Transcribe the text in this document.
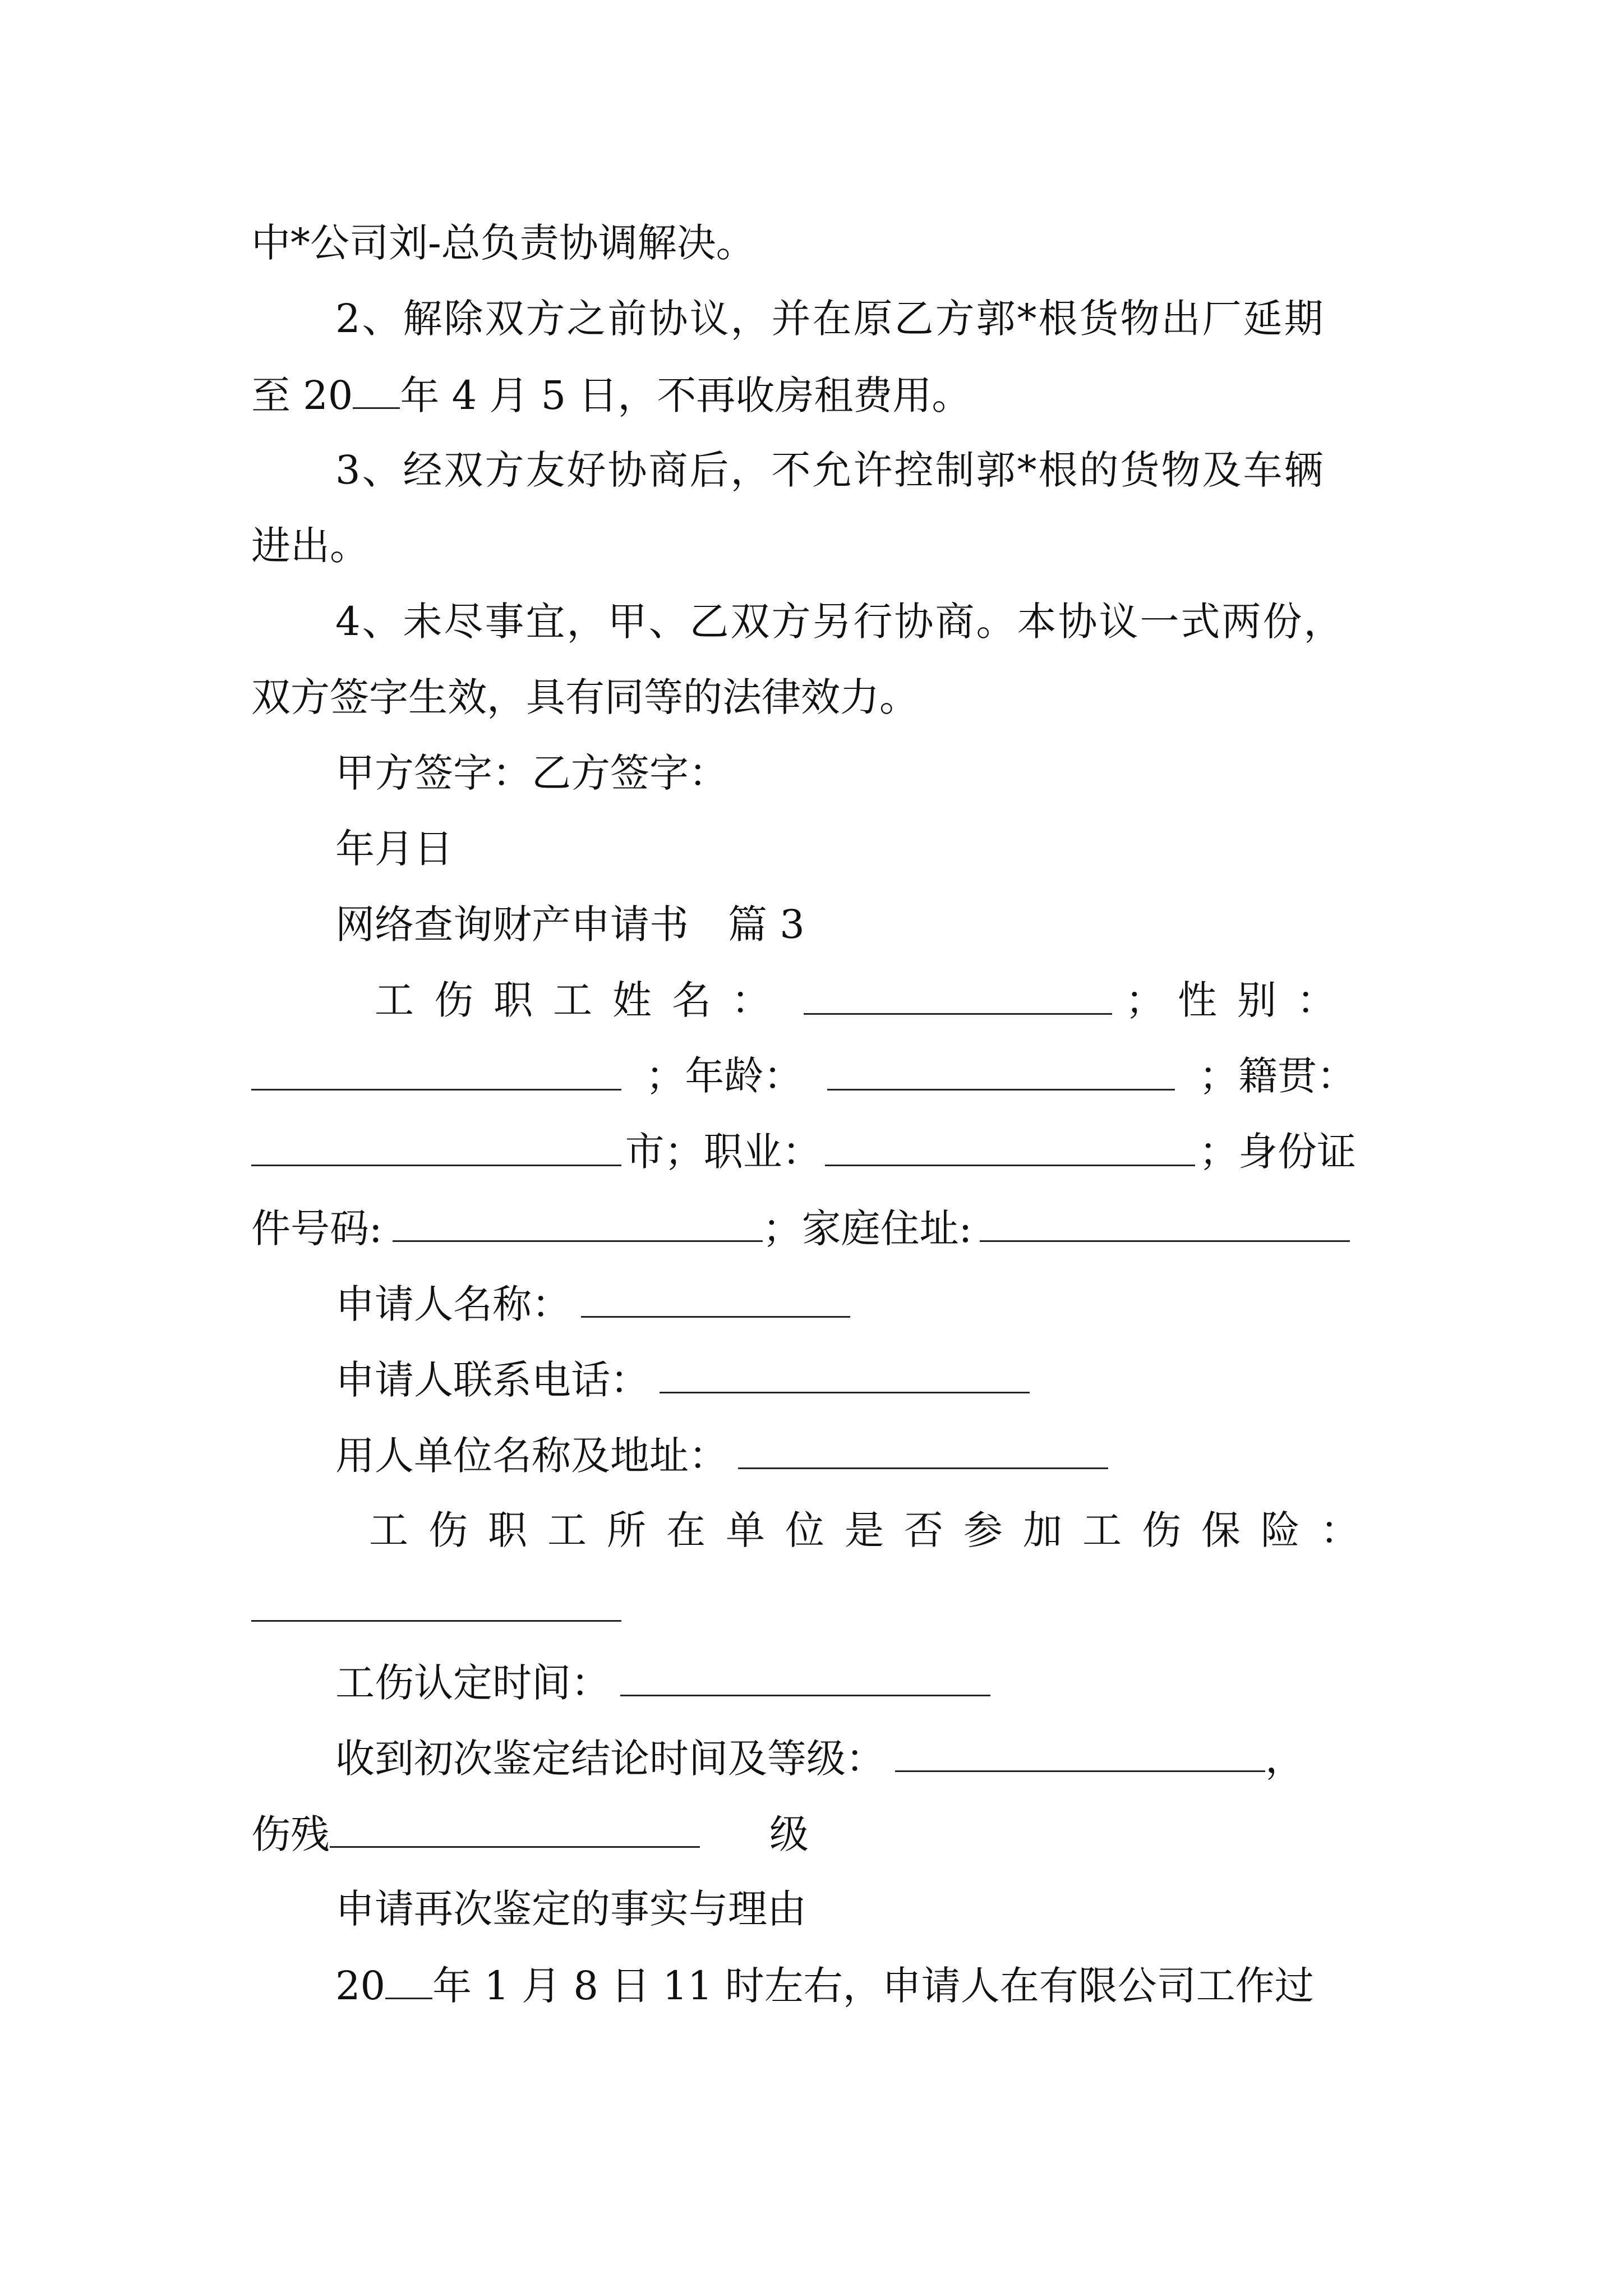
中*公司刘-总负责协调解决。
2、解除双方之前协议，并在原乙方郭*根货物出厂延期
至 20 年 4 月 5 日，不再收房租费用。
3、经双方友好协商后，不允许控制郭*根的货物及车辆
进出。
4、未尽事宜，甲、乙双方另行协商。本协议一式两份，
双方签字生效，具有同等的法律效力。
甲方签字：乙方签字：
年月日
网络查询财产申请书　篇 3
工伤职工姓名：	； 性别：
；年龄：	；籍贯：
市；职业：	；身份证
件号码:	；家庭住址:
申请人名称：
申请人联系电话：
用人单位名称及地址：
工伤职工所在单位是否参加工伤保险：
工伤认定时间：
收到初次鉴定结论时间及等级：	，
伤残	级
申请再次鉴定的事实与理由
20 年 1 月 8 日 11 时左右，申请人在有限公司工作过
